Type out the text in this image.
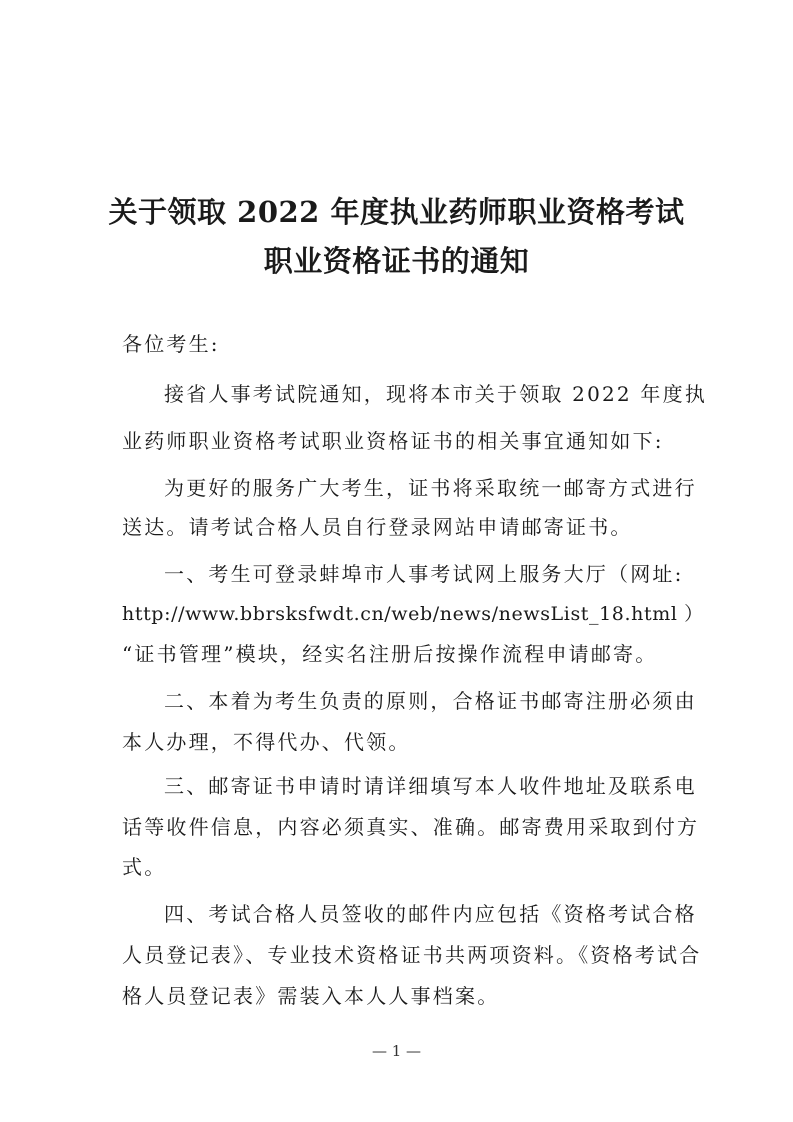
关于领取 2022 年度执业药师职业资格考试
职业资格证书的通知
各位考生:
接省人事考试院通知，现将本市关于领取 2022 年度执
业药师职业资格考试职业资格证书的相关事宜通知如下:
为更好的服务广大考生，证书将采取统一邮寄方式进行
送达。请考试合格人员自行登录网站申请邮寄证书。
一、考生可登录蚌埠市人事考试网上服务大厅（网址:
http://www.bbrsksfwdt.cn/web/news/newsList_18.html ）
“证书管理”模块，经实名注册后按操作流程申请邮寄。
二、本着为考生负责的原则，合格证书邮寄注册必须由
本人办理，不得代办、代领。
三、邮寄证书申请时请详细填写本人收件地址及联系电
话等收件信息，内容必须真实、准确。邮寄费用采取到付方
式。
四、考试合格人员签收的邮件内应包括《资格考试合格
人员登记表》、专业技术资格证书共两项资料。《资格考试合
格人员登记表》需装入本人人事档案。
— 1 —
